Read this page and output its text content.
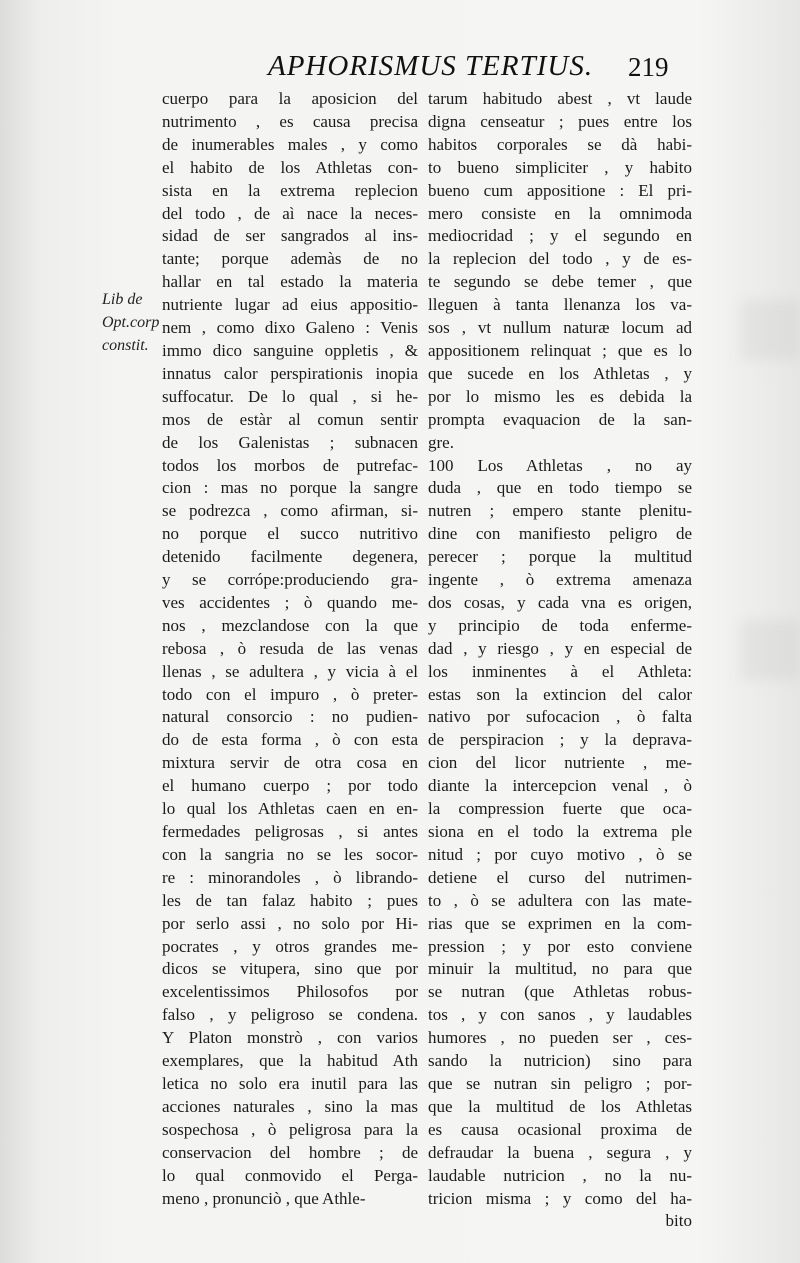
APHORISMUS TERTIUS. 219
Lib de
Opt.corp
constit.
cuerpo para la aposicion del
nutrimento , es causa precisa
de inumerables males , y como
el habito de los Athletas con-
sista en la extrema replecion
del todo , de aì nace la neces-
sidad de ser sangrados al ins-
tante; porque ademàs de no
hallar en tal estado la materia
nutriente lugar ad eius appositio-
nem , como dixo Galeno : Venis
immo dico sanguine oppletis , &
innatus calor perspirationis inopia
suffocatur. De lo qual , si he-
mos de estàr al comun sentir
de los Galenistas ; subnacen
todos los morbos de putrefac-
cion : mas no porque la sangre
se podrezca , como afirman, si-
no porque el succo nutritivo
detenido facilmente degenera,
y se corrópe:produciendo gra-
ves accidentes ; ò quando me-
nos , mezclandose con la que
rebosa , ò resuda de las venas
llenas , se adultera , y vicia à el
todo con el impuro , ò preter-
natural consorcio : no pudien-
do de esta forma , ò con esta
mixtura servir de otra cosa en
el humano cuerpo ; por todo
lo qual los Athletas caen en en-
fermedades peligrosas , si antes
con la sangria no se les socor-
re : minorandoles , ò librando-
les de tan falaz habito ; pues
por serlo assi , no solo por Hi-
pocrates , y otros grandes me-
dicos se vitupera, sino que por
excelentissimos Philosofos por
falso , y peligroso se condena.
Y Platon monstrò , con varios
exemplares, que la habitud Ath
letica no solo era inutil para las
acciones naturales , sino la mas
sospechosa , ò peligrosa para la
conservacion del hombre ; de
lo qual conmovido el Perga-
meno , pronunciò , que Athle-
tarum habitudo abest , vt laude
digna censeatur ; pues entre los
habitos corporales se dà habi-
to bueno simpliciter , y habito
bueno cum appositione : El pri-
mero consiste en la omnimoda
mediocridad ; y el segundo en
la replecion del todo , y de es-
te segundo se debe temer , que
lleguen à tanta llenanza los va-
sos , vt nullum naturæ locum ad
appositionem relinquat ; que es lo
que sucede en los Athletas , y
por lo mismo les es debida la
prompta evaquacion de la san-
gre.
100 Los Athletas , no ay
duda , que en todo tiempo se
nutren ; empero stante plenitu-
dine con manifiesto peligro de
perecer ; porque la multitud
ingente , ò extrema amenaza
dos cosas, y cada vna es origen,
y principio de toda enferme-
dad , y riesgo , y en especial de
los inminentes à el Athleta:
estas son la extincion del calor
nativo por sufocacion , ò falta
de perspiracion ; y la deprava-
cion del licor nutriente , me-
diante la intercepcion venal , ò
la compression fuerte que oca-
siona en el todo la extrema ple
nitud ; por cuyo motivo , ò se
detiene el curso del nutrimen-
to , ò se adultera con las mate-
rias que se exprimen en la com-
pression ; y por esto conviene
minuir la multitud, no para que
se nutran (que Athletas robus-
tos , y con sanos , y laudables
humores , no pueden ser , ces-
sando la nutricion) sino para
que se nutran sin peligro ; por-
que la multitud de los Athletas
es causa ocasional proxima de
defraudar la buena , segura , y
laudable nutricion , no la nu-
tricion misma ; y como del ha-
bito
